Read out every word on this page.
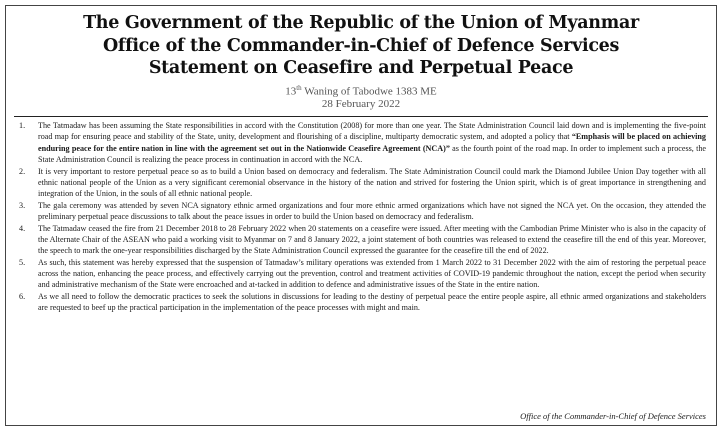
The Government of the Republic of the Union of Myanmar
Office of the Commander-in-Chief of Defence Services
Statement on Ceasefire and Perpetual Peace
13th Waning of Tabodwe 1383 ME
28 February 2022
1. The Tatmadaw has been assuming the State responsibilities in accord with the Constitution (2008) for more than one year. The State Administration Council laid down and is implementing the five-point road map for ensuring peace and stability of the State, unity, development and flourishing of a discipline, multiparty democratic system, and adopted a policy that “Emphasis will be placed on achieving enduring peace for the entire nation in line with the agreement set out in the Nationwide Ceasefire Agreement (NCA)” as the fourth point of the road map. In order to implement such a process, the State Administration Council is realizing the peace process in continuation in accord with the NCA.
2. It is very important to restore perpetual peace so as to build a Union based on democracy and federalism. The State Administration Council could mark the Diamond Jubilee Union Day together with all ethnic national people of the Union as a very significant ceremonial observance in the history of the nation and strived for fostering the Union spirit, which is of great importance in strengthening and integration of the Union, in the souls of all ethnic national people.
3. The gala ceremony was attended by seven NCA signatory ethnic armed organizations and four more ethnic armed organizations which have not signed the NCA yet. On the occasion, they attended the preliminary perpetual peace discussions to talk about the peace issues in order to build the Union based on democracy and federalism.
4. The Tatmadaw ceased the fire from 21 December 2018 to 28 February 2022 when 20 statements on a ceasefire were issued. After meeting with the Cambodian Prime Minister who is also in the capacity of the Alternate Chair of the ASEAN who paid a working visit to Myanmar on 7 and 8 January 2022, a joint statement of both countries was released to extend the ceasefire till the end of this year. Moreover, the speech to mark the one-year responsibilities discharged by the State Administration Council expressed the guarantee for the ceasefire till the end of 2022.
5. As such, this statement was hereby expressed that the suspension of Tatmadaw’s military operations was extended from 1 March 2022 to 31 December 2022 with the aim of restoring the perpetual peace across the nation, enhancing the peace process, and effectively carrying out the prevention, control and treatment activities of COVID-19 pandemic throughout the nation, except the period when security and administrative mechanism of the State were encroached and at-tacked in addition to defence and administrative issues of the State in the entire nation.
6. As we all need to follow the democratic practices to seek the solutions in discussions for leading to the destiny of perpetual peace the entire people aspire, all ethnic armed organizations and stakeholders are requested to beef up the practical participation in the implementation of the peace processes with might and main.
Office of the Commander-in-Chief of Defence Services
